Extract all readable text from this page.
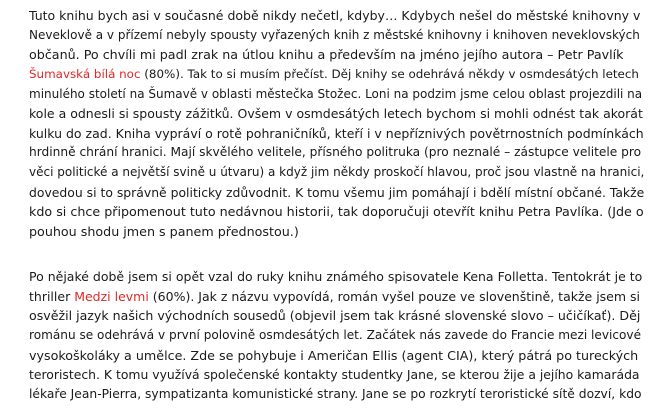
Tuto knihu bych asi v současné době nikdy nečetl, kdyby… Kdybych nešel do městské knihovny v
Neveklově a v přízemí nebyly spousty vyřazených knih z městské knihovny i knihoven neveklovských
občanů. Po chvíli mi padl zrak na útlou knihu a především na jméno jejího autora – Petr Pavlík
Šumavská bílá noc (80%). Tak to si musím přečíst. Děj knihy se odehrává někdy v osmdesátých letech
minulého století na Šumavě v oblasti městečka Stožec. Loni na podzim jsme celou oblast projezdili na
kole a odnesli si spousty zážitků. Ovšem v osmdesátých letech bychom si mohli odnést tak akorát
kulku do zad. Kniha vypráví o rotě pohraničníků, kteří i v nepříznivých povětrnostních podmínkách
hrdinně chrání hranici. Mají skvělého velitele, přísného politruka (pro neznalé – zástupce velitele pro
věci politické a největší svině u útvaru) a když jim někdy proskočí hlavou, proč jsou vlastně na hranici,
dovedou si to správně politicky zdůvodnit. K tomu všemu jim pomáhají i bdělí místní občané. Takže
kdo si chce připomenout tuto nedávnou historii, tak doporučuji otevřít knihu Petra Pavlíka. (Jde o
pouhou shodu jmen s panem přednostou.)
Po nějaké době jsem si opět vzal do ruky knihu známého spisovatele Kena Folletta. Tentokrát je to
thriller Medzi levmi (60%). Jak z názvu vypovídá, román vyšel pouze ve slovenštině, takže jsem si
osvěžil jazyk našich východních sousedů (objevil jsem tak krásné slovenské slovo – učičíkať). Děj
románu se odehrává v první polovině osmdesátých let. Začátek nás zavede do Francie mezi levicové
vysokoškoláky a umělce. Zde se pohybuje i Američan Ellis (agent CIA), který pátrá po tureckých
teroristech. K tomu využívá společenské kontakty studentky Jane, se kterou žije a jejího kamaráda
lékaře Jean-Pierra, sympatizanta komunistické strany. Jane se po rozkrytí teroristické sítě dozví, kdo
